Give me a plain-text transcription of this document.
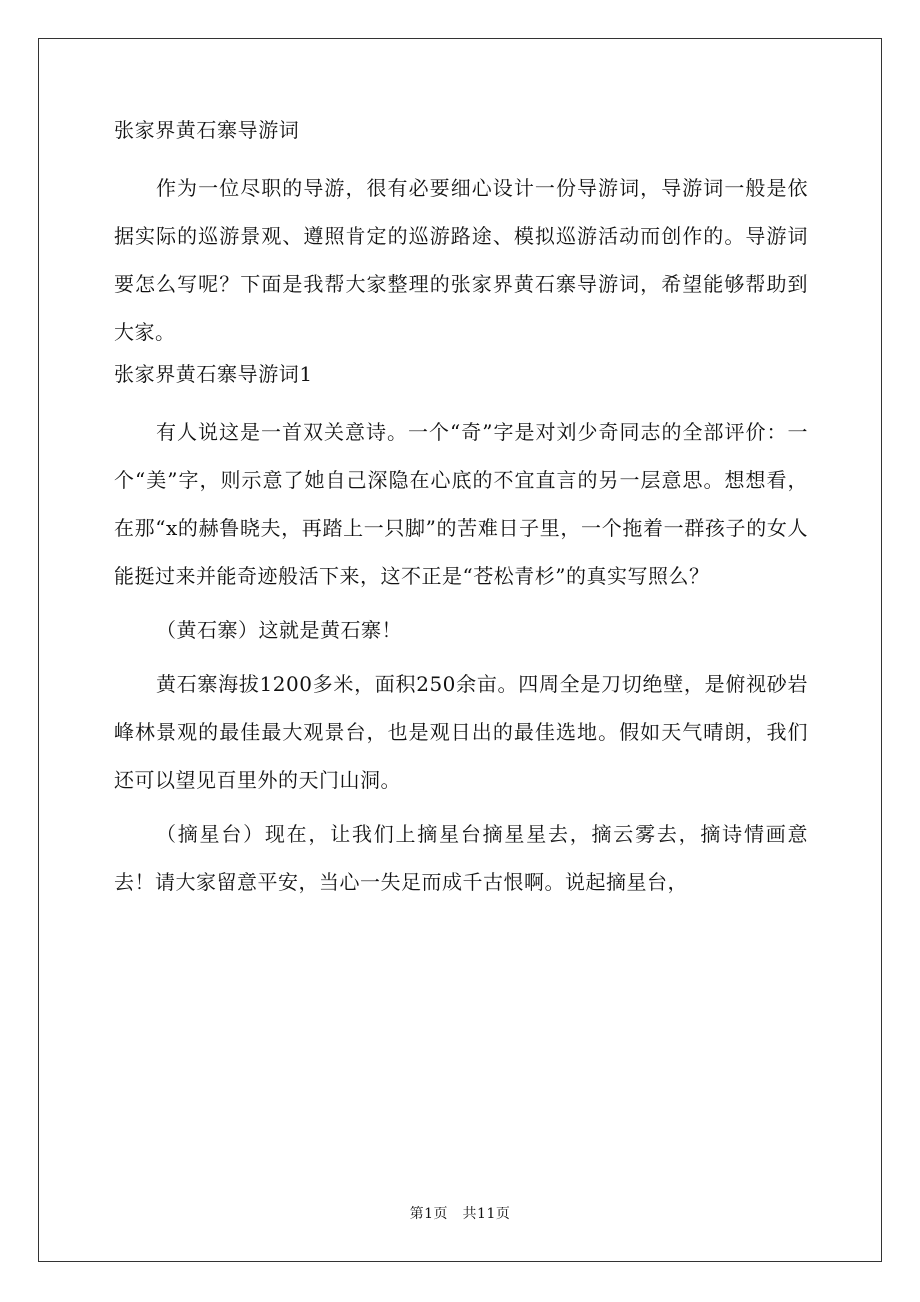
张家界黄石寨导游词

作为一位尽职的导游，很有必要细心设计一份导游词，导游词一般是依据实际的巡游景观、遵照肯定的巡游路途、模拟巡游活动而创作的。导游词要怎么写呢？下面是我帮大家整理的张家界黄石寨导游词，希望能够帮助到大家。

张家界黄石寨导游词1

有人说这是一首双关意诗。一个“奇”字是对刘少奇同志的全部评价：一个“美”字，则示意了她自己深隐在心底的不宜直言的另一层意思。想想看，在那“x的赫鲁晓夫，再踏上一只脚”的苦难日子里，一个拖着一群孩子的女人能挺过来并能奇迹般活下来，这不正是“苍松青杉”的真实写照么？

（黄石寨）这就是黄石寨！

黄石寨海拔1200多米，面积250余亩。四周全是刀切绝壁，是俯视砂岩峰林景观的最佳最大观景台，也是观日出的最佳选地。假如天气晴朗，我们还可以望见百里外的天门山洞。

（摘星台）现在，让我们上摘星台摘星星去，摘云雾去，摘诗情画意去！请大家留意平安，当心一失足而成千古恨啊。说起摘星台，

第1页　共11页
